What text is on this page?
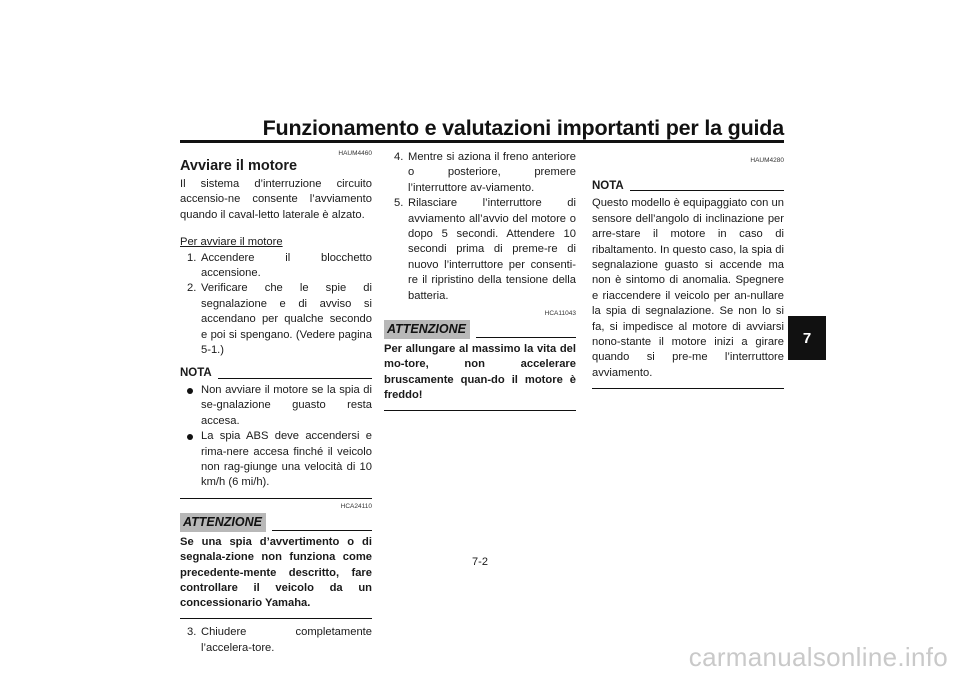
Funzionamento e valutazioni importanti per la guida
7
HAUM4460
Avviare il motore

Il sistema d’interruzione circuito accensio-ne consente l’avviamento quando il caval-letto laterale è alzato.

Per avviare il motore

1. Accendere il blocchetto accensione.
2. Verificare che le spie di segnalazione e di avviso si accendano per qualche secondo e poi si spengano. (Vedere pagina 5-1.)
NOTA
Non avviare il motore se la spia di se-gnalazione guasto resta accesa.
La spia ABS deve accendersi e rima-nere accesa finché il veicolo non rag-giunge una velocità di 10 km/h (6 mi/h).
HCA24110
ATTENZIONE

Se una spia d’avvertimento o di segnala-zione non funziona come precedente-mente descritto, fare controllare il veicolo da un concessionario Yamaha.

3. Chiudere completamente l’accelera-tore.
4. Mentre si aziona il freno anteriore o posteriore, premere l’interruttore av-viamento.
5. Rilasciare l’interruttore di avviamento all’avvio del motore o dopo 5 secondi. Attendere 10 secondi prima di preme-re di nuovo l’interruttore per consenti-re il ripristino della tensione della batteria.
HCA11043
ATTENZIONE

Per allungare al massimo la vita del mo-tore, non accelerare bruscamente quan-do il motore è freddo!

HAUM4280
NOTA

Questo modello è equipaggiato con un sensore dell’angolo di inclinazione per arre-stare il motore in caso di ribaltamento. In questo caso, la spia di segnalazione guasto si accende ma non è sintomo di anomalia. Spegnere e riaccendere il veicolo per an-nullare la spia di segnalazione. Se non lo si fa, si impedisce al motore di avviarsi nono-stante il motore inizi a girare quando si pre-me l’interruttore avviamento.

7-2
carmanualsonline.info
